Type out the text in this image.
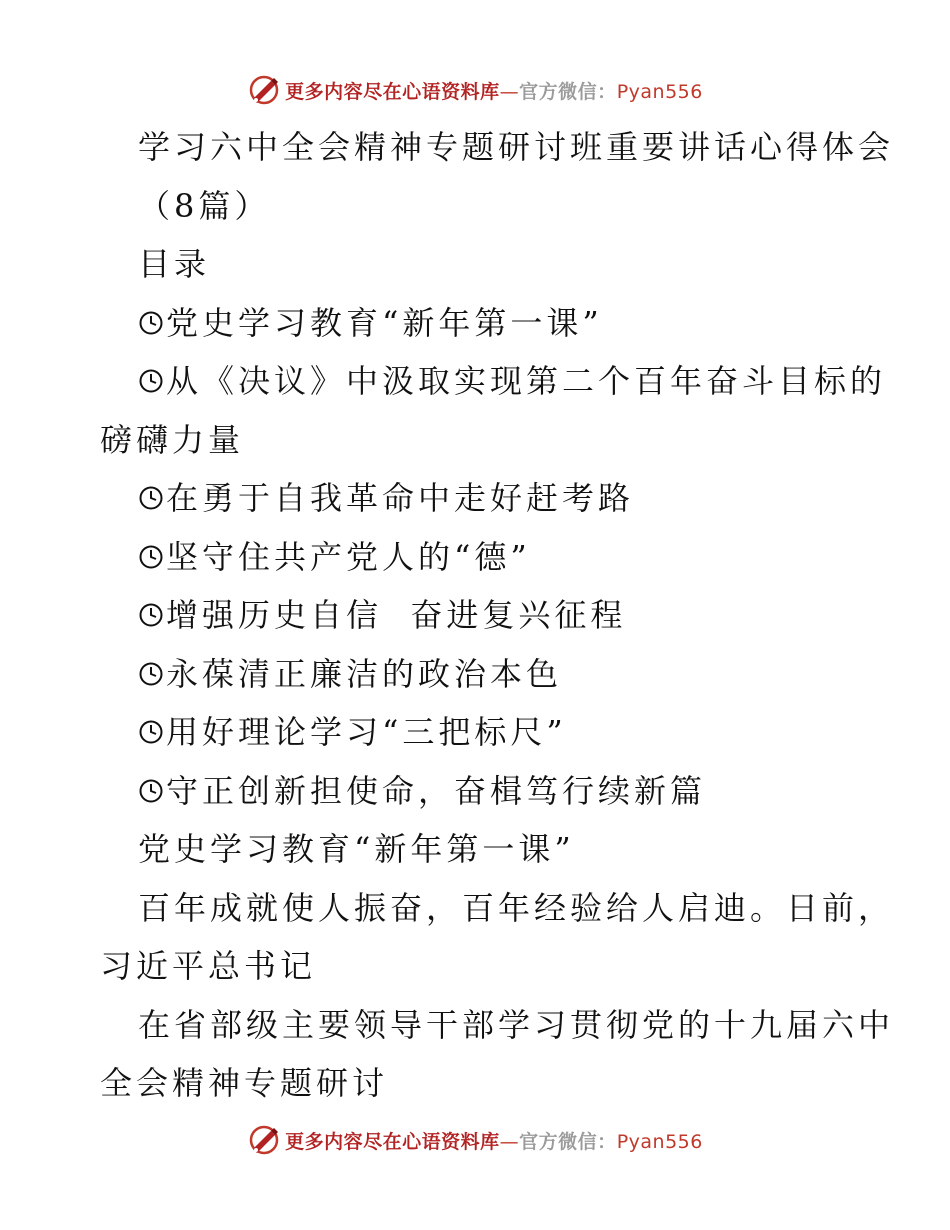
更多内容尽在心语资料库—官方微信：Pyan556
学习六中全会精神专题研讨班重要讲话心得体会
（8篇）
目录
党史学习教育“新年第一课”
从《决议》中汲取实现第二个百年奋斗目标的
磅礴力量
在勇于自我革命中走好赶考路
坚守住共产党人的“德”
增强历史自信  奋进复兴征程
永葆清正廉洁的政治本色
用好理论学习“三把标尺”
守正创新担使命，奋楫笃行续新篇
党史学习教育“新年第一课”
百年成就使人振奋，百年经验给人启迪。日前，
习近平总书记
在省部级主要领导干部学习贯彻党的十九届六中
全会精神专题研讨
更多内容尽在心语资料库—官方微信：Pyan556
